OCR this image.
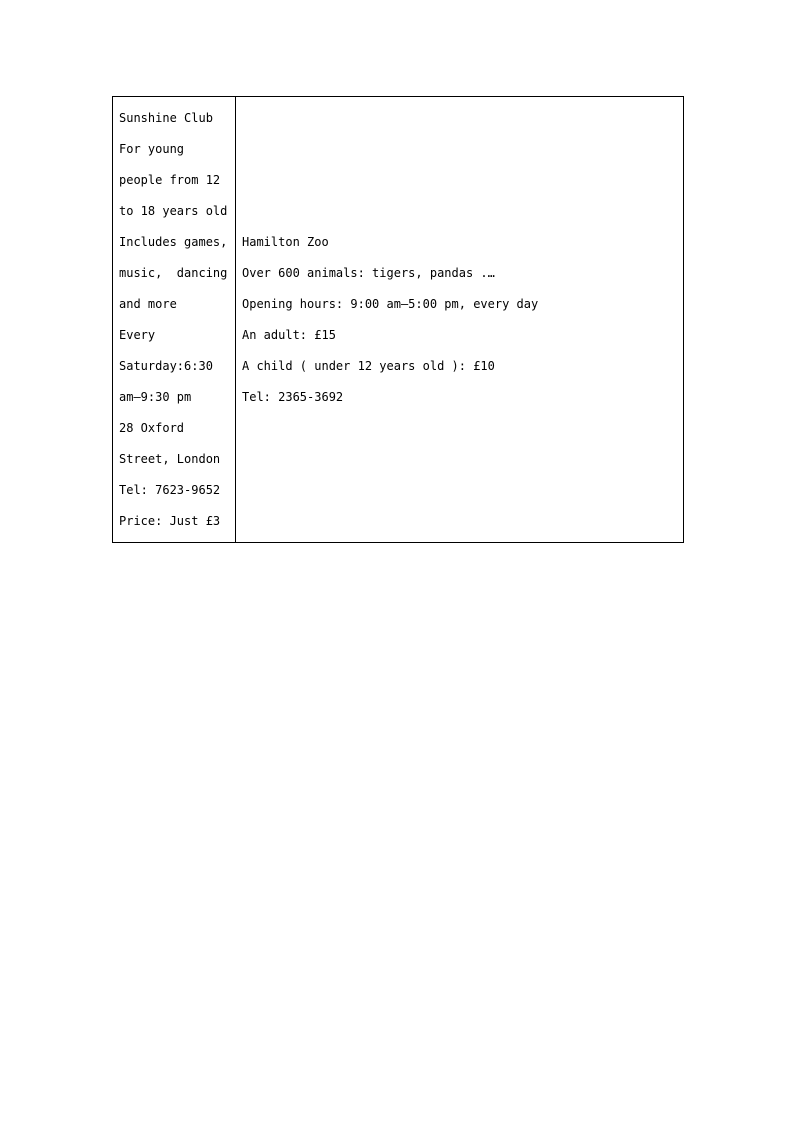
Sunshine Club
For young
people from 12
to 18 years old
Includes games,
music,  dancing
and more
Every
Saturday:6:30
am—9:30 pm
28 Oxford
Street, London
Tel: 7623-9652
Price: Just £3

Hamilton Zoo
Over 600 animals: tigers, pandas .…
Opening hours: 9:00 am—5:00 pm, every day
An adult: £15
A child ( under 12 years old ): £10
Tel: 2365-3692
